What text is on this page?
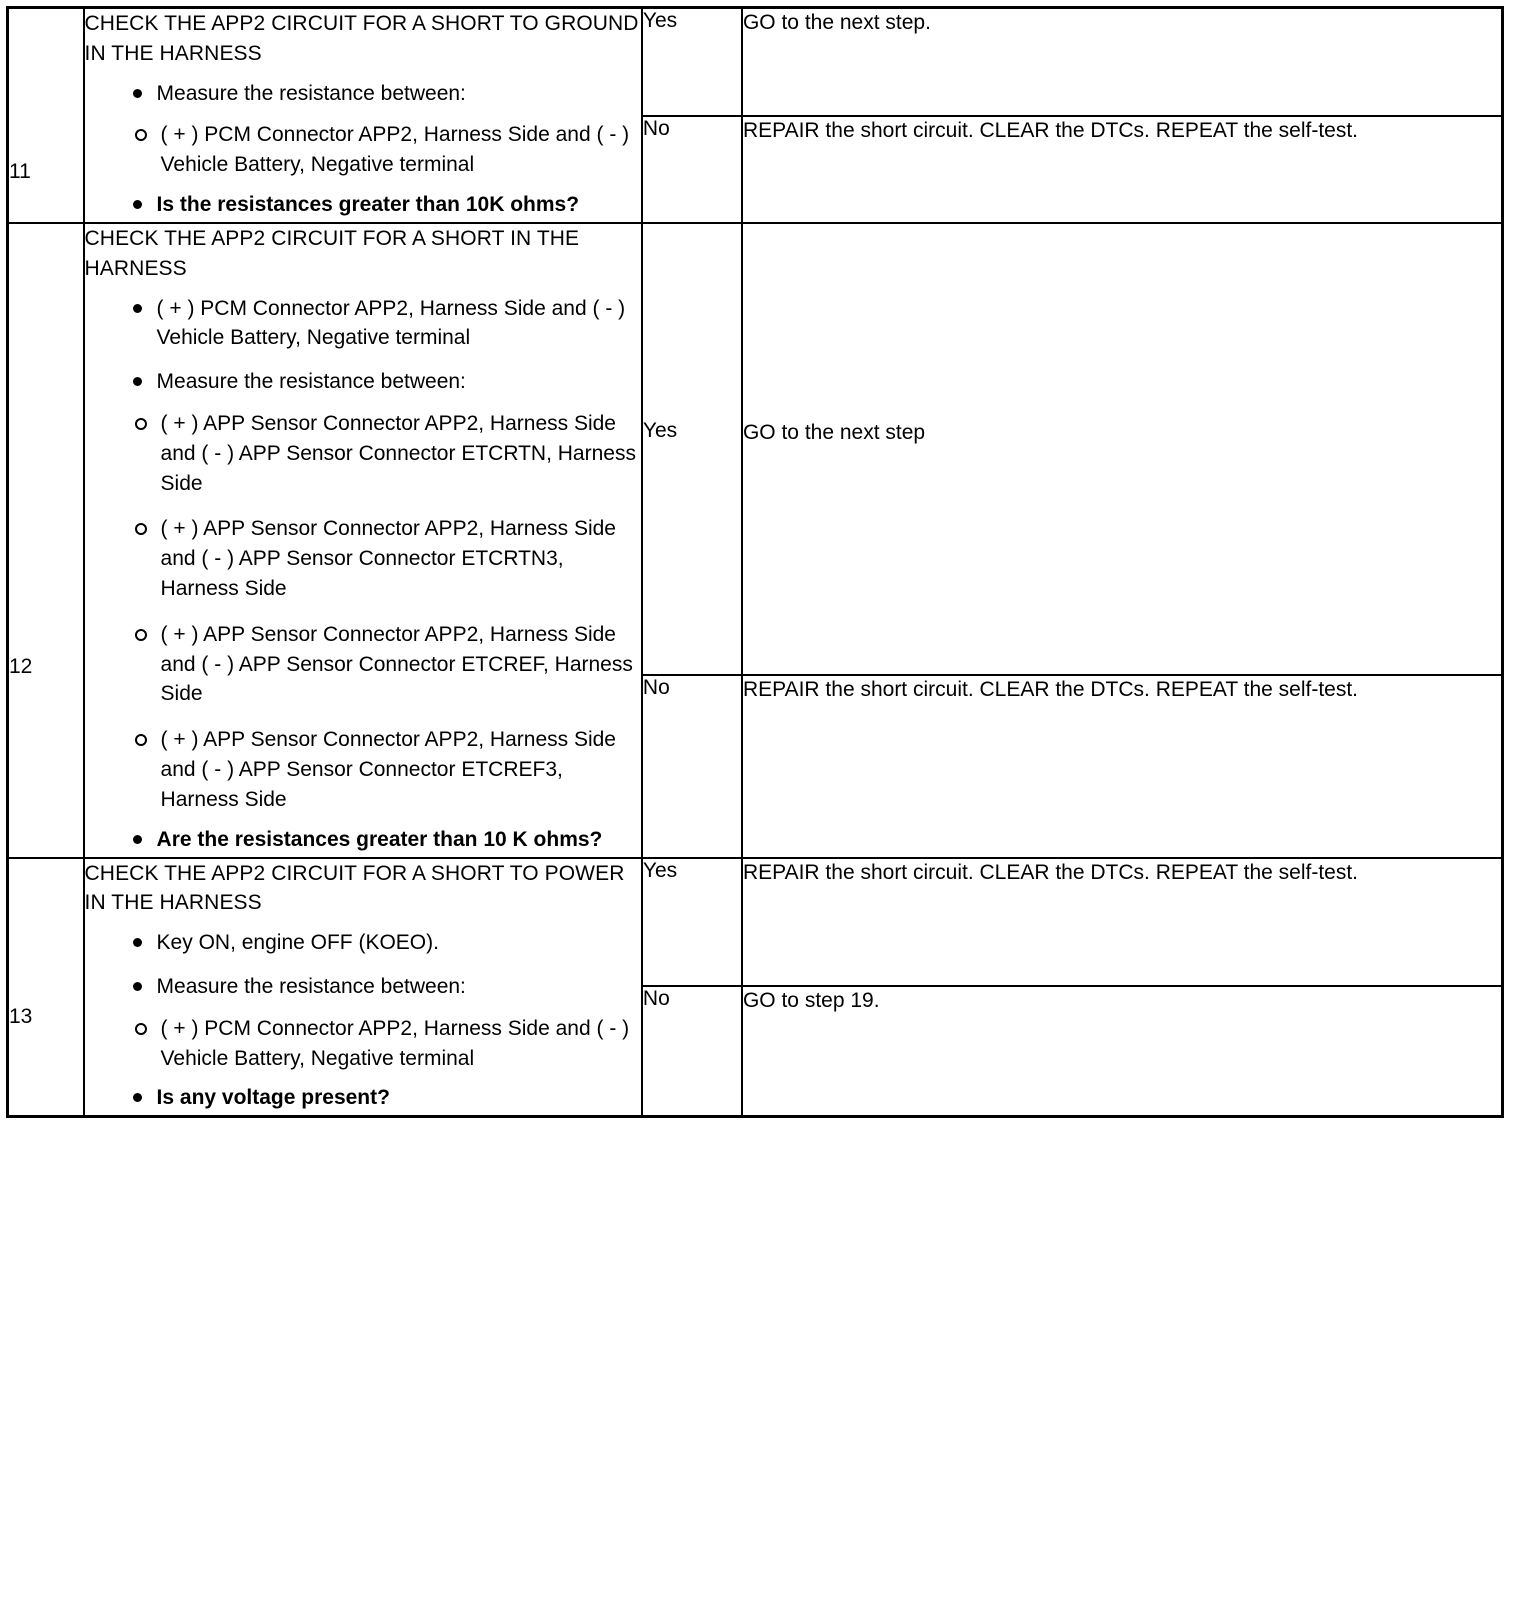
11

CHECK THE APP2 CIRCUIT FOR A SHORT TO GROUND IN THE HARNESS

Measure the resistance between:
( + ) PCM Connector APP2, Harness Side and ( - ) Vehicle Battery, Negative terminal
Is the resistances greater than 10K ohms?
	Yes	GO to the next step.
		No	REPAIR the short circuit. CLEAR the DTCs. REPEAT the self-test.

12

CHECK THE APP2 CIRCUIT FOR A SHORT IN THE HARNESS

( + ) PCM Connector APP2, Harness Side and ( - ) Vehicle Battery, Negative terminal
Measure the resistance between:
( + ) APP Sensor Connector APP2, Harness Side and ( - ) APP Sensor Connector ETCRTN, Harness Side
( + ) APP Sensor Connector APP2, Harness Side and ( - ) APP Sensor Connector ETCRTN3, Harness Side
( + ) APP Sensor Connector APP2, Harness Side and ( - ) APP Sensor Connector ETCREF, Harness Side
( + ) APP Sensor Connector APP2, Harness Side and ( - ) APP Sensor Connector ETCREF3, Harness Side
Are the resistances greater than 10 K ohms?

Yes	GO to the next step

		No	REPAIR the short circuit. CLEAR the DTCs. REPEAT the self-test.

13

CHECK THE APP2 CIRCUIT FOR A SHORT TO POWER IN THE HARNESS

Key ON, engine OFF (KOEO).
Measure the resistance between:
( + ) PCM Connector APP2, Harness Side and ( - ) Vehicle Battery, Negative terminal
Is any voltage present?
	Yes	REPAIR the short circuit. CLEAR the DTCs. REPEAT the self-test.
		No	GO to step 19.
